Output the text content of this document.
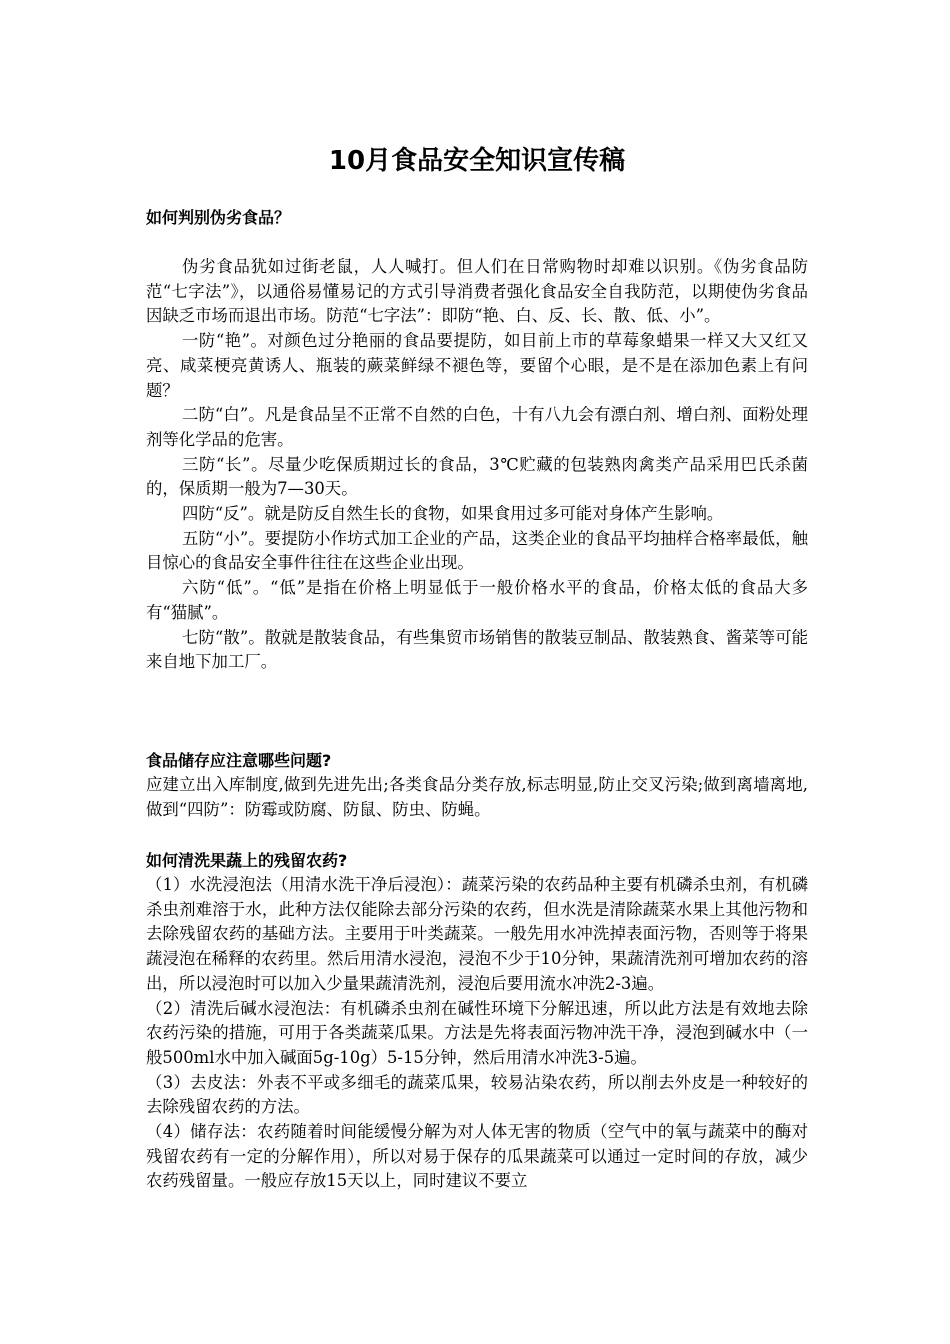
10月食品安全知识宣传稿
如何判别伪劣食品？

伪劣食品犹如过街老鼠，人人喊打。但人们在日常购物时却难以识别。《伪劣食品防范“七字法”》，以通俗易懂易记的方式引导消费者强化食品安全自我防范，以期使伪劣食品因缺乏市场而退出市场。防范“七字法”：即防“艳、白、反、长、散、低、小”。

一防“艳”。对颜色过分艳丽的食品要提防，如目前上市的草莓象蜡果一样又大又红又亮、咸菜梗亮黄诱人、瓶装的蕨菜鲜绿不褪色等，要留个心眼，是不是在添加色素上有问题？

二防“白”。凡是食品呈不正常不自然的白色，十有八九会有漂白剂、增白剂、面粉处理剂等化学品的危害。

三防“长”。尽量少吃保质期过长的食品，3℃贮藏的包装熟肉禽类产品采用巴氏杀菌的，保质期一般为7—30天。

四防“反”。就是防反自然生长的食物，如果食用过多可能对身体产生影响。

五防“小”。要提防小作坊式加工企业的产品，这类企业的食品平均抽样合格率最低，触目惊心的食品安全事件往往在这些企业出现。

六防“低”。“低”是指在价格上明显低于一般价格水平的食品，价格太低的食品大多有“猫腻”。

七防“散”。散就是散装食品，有些集贸市场销售的散装豆制品、散装熟食、酱菜等可能来自地下加工厂。

食品储存应注意哪些问题?

应建立出入库制度,做到先进先出;各类食品分类存放,标志明显,防止交叉污染;做到离墙离地,做到“四防”：防霉或防腐、防鼠、防虫、防蝇。

如何清洗果蔬上的残留农药?

（1）水洗浸泡法（用清水洗干净后浸泡）：蔬菜污染的农药品种主要有机磷杀虫剂，有机磷杀虫剂难溶于水，此种方法仅能除去部分污染的农药，但水洗是清除蔬菜水果上其他污物和去除残留农药的基础方法。主要用于叶类蔬菜。一般先用水冲洗掉表面污物，否则等于将果蔬浸泡在稀释的农药里。然后用清水浸泡，浸泡不少于10分钟，果蔬清洗剂可增加农药的溶出，所以浸泡时可以加入少量果蔬清洗剂，浸泡后要用流水冲洗2-3遍。

（2）清洗后碱水浸泡法：有机磷杀虫剂在碱性环境下分解迅速，所以此方法是有效地去除农药污染的措施，可用于各类蔬菜瓜果。方法是先将表面污物冲洗干净，浸泡到碱水中（一般500ml水中加入碱面5g-10g）5-15分钟，然后用清水冲洗3-5遍。

（3）去皮法：外表不平或多细毛的蔬菜瓜果，较易沾染农药，所以削去外皮是一种较好的去除残留农药的方法。

（4）储存法：农药随着时间能缓慢分解为对人体无害的物质（空气中的氧与蔬菜中的酶对残留农药有一定的分解作用），所以对易于保存的瓜果蔬菜可以通过一定时间的存放，减少农药残留量。一般应存放15天以上，同时建议不要立
